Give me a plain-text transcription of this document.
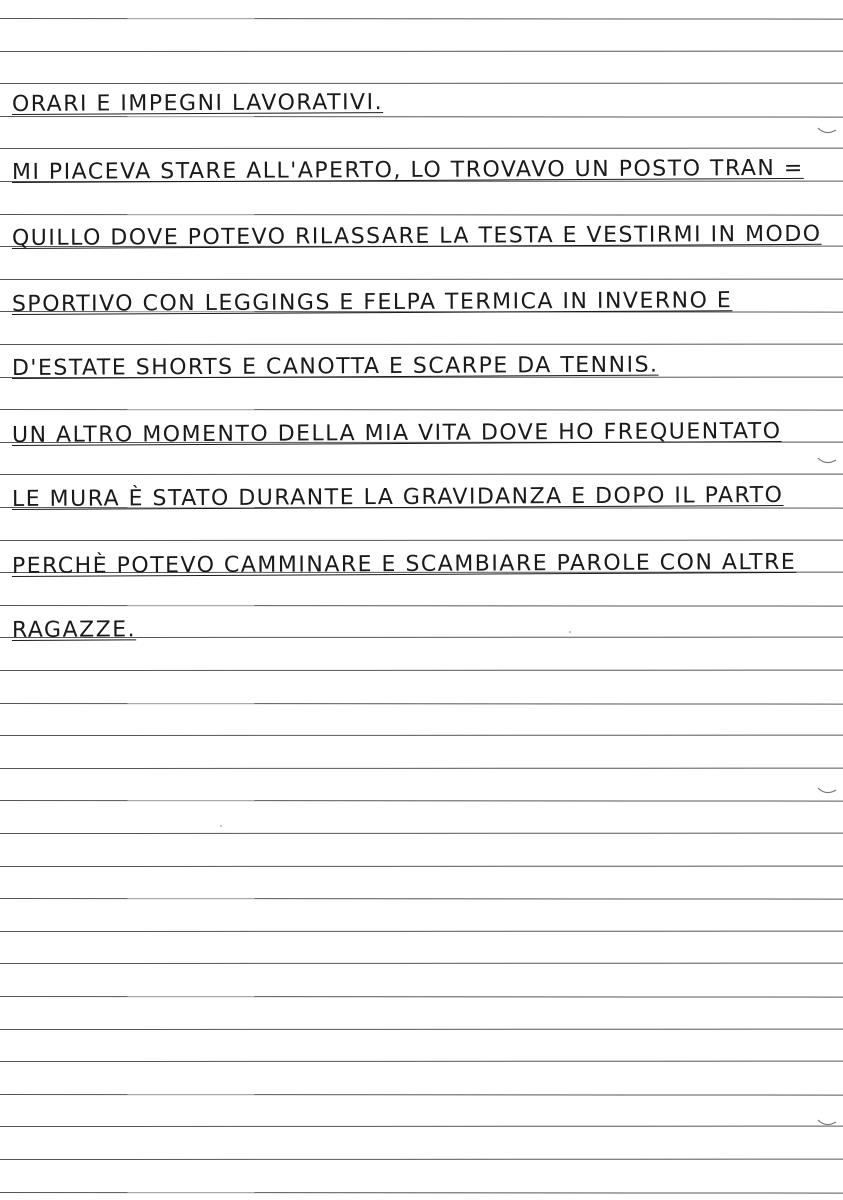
ORARI E IMPEGNI LAVORATIVI.
MI PIACEVA STARE ALL'APERTO, LO TROVAVO UN POSTO TRAN =
QUILLO DOVE POTEVO RILASSARE LA TESTA E VESTIRMI IN MODO
SPORTIVO CON LEGGINGS E FELPA TERMICA IN INVERNO E
D'ESTATE SHORTS E CANOTTA E SCARPE DA TENNIS.
UN ALTRO MOMENTO DELLA MIA VITA DOVE HO FREQUENTATO
LE MURA È STATO DURANTE LA GRAVIDANZA E DOPO IL PARTO
PERCHÈ POTEVO CAMMINARE E SCAMBIARE PAROLE CON ALTRE
RAGAZZE.
